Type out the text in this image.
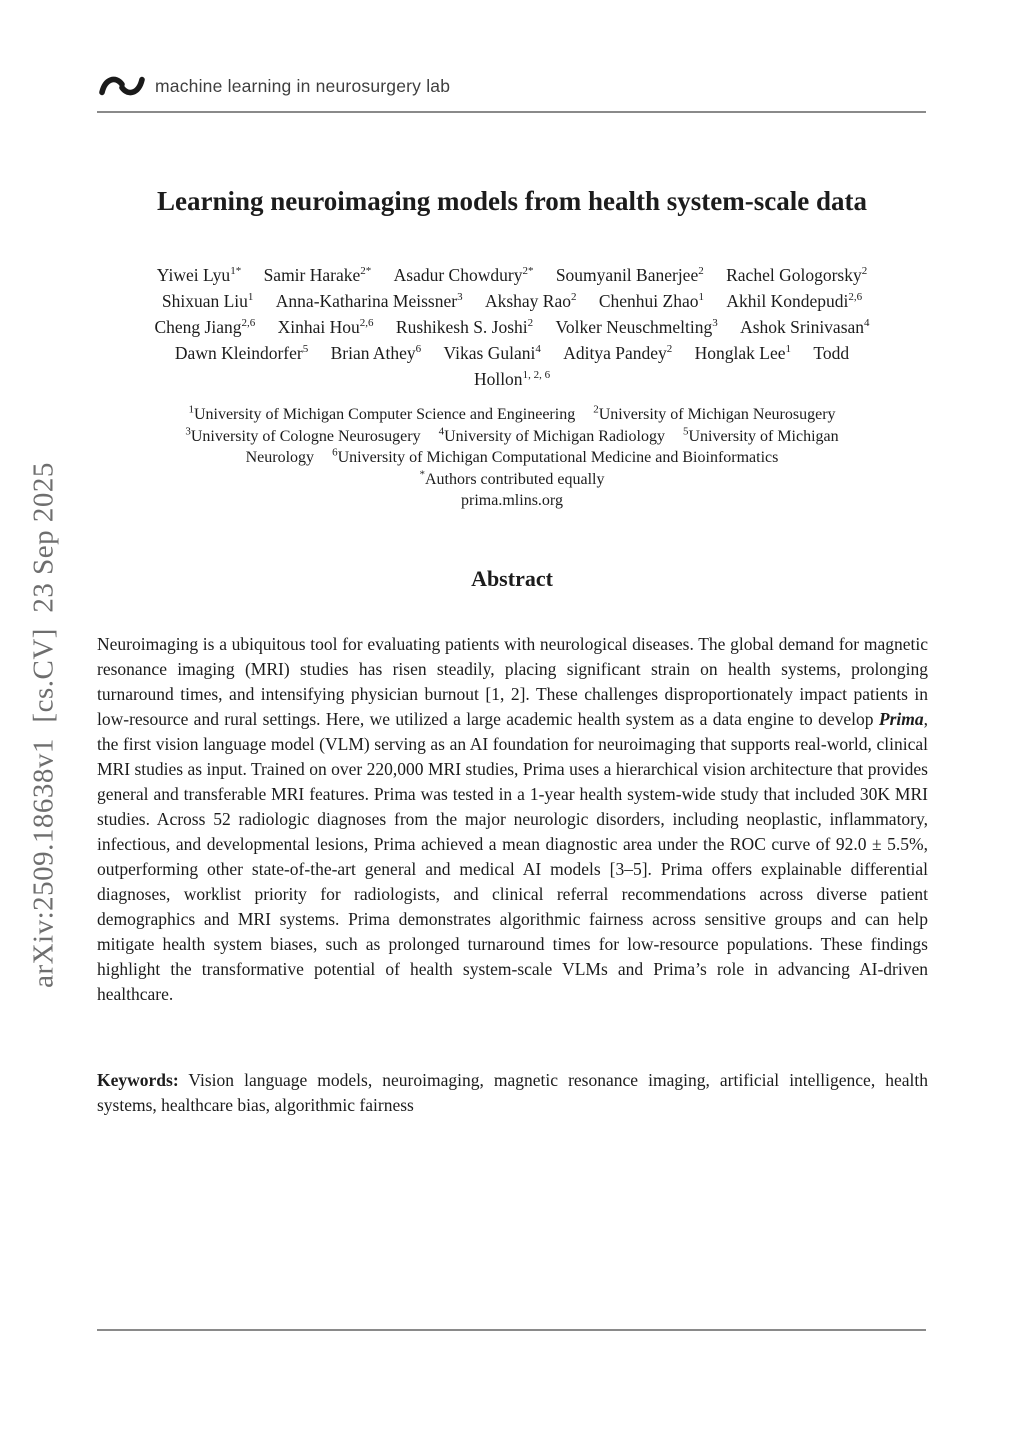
machine learning in neurosurgery lab
arXiv:2509.18638v1  [cs.CV]  23 Sep 2025
Learning neuroimaging models from health system-scale data
Yiwei Lyu$^{1*}$ Samir Harake$^{2*}$ Asadur Chowdury$^{2*}$ Soumyanil Banerjee$^2$ Rachel Gologorsky$^2$
Shixuan Liu$^1$ Anna-Katharina Meissner$^3$ Akshay Rao$^2$ Chenhui Zhao$^1$ Akhil Kondepudi$^{2,6}$
Cheng Jiang$^{2,6}$ Xinhai Hou$^{2,6}$ Rushikesh S. Joshi$^2$ Volker Neuschmelting$^3$ Ashok Srinivasan$^4$
Dawn Kleindorfer$^5$ Brian Athey$^6$ Vikas Gulani$^4$ Aditya Pandey$^2$ Honglak Lee$^1$ Todd
Hollon$^{1, 2, 6}$
$^1$University of Michigan Computer Science and Engineering $^2$University of Michigan Neurosugery
$^3$University of Cologne Neurosugery $^4$University of Michigan Radiology $^5$University of Michigan
Neurology $^6$University of Michigan Computational Medicine and Bioinformatics
*Authors contributed equally
prima.mlins.org
Abstract
Neuroimaging is a ubiquitous tool for evaluating patients with neurological diseases. The global demand for magnetic resonance imaging (MRI) studies has risen steadily, placing significant strain on health systems, prolonging turnaround times, and intensifying physician burnout [1, 2]. These challenges disproportionately impact patients in low-resource and rural settings. Here, we utilized a large academic health system as a data engine to develop Prima, the first vision language model (VLM) serving as an AI foundation for neuroimaging that supports real-world, clinical MRI studies as input. Trained on over 220,000 MRI studies, Prima uses a hierarchical vision architecture that provides general and transferable MRI features. Prima was tested in a 1-year health system-wide study that included 30K MRI studies. Across 52 radiologic diagnoses from the major neurologic disorders, including neoplastic, inflammatory, infectious, and developmental lesions, Prima achieved a mean diagnostic area under the ROC curve of 92.0 ± 5.5%, outperforming other state-of-the-art general and medical AI models [3–5]. Prima offers explainable differential diagnoses, worklist priority for radiologists, and clinical referral recommendations across diverse patient demographics and MRI systems. Prima demonstrates algorithmic fairness across sensitive groups and can help mitigate health system biases, such as prolonged turnaround times for low-resource populations. These findings highlight the transformative potential of health system-scale VLMs and Prima’s role in advancing AI-driven healthcare.
Keywords: Vision language models, neuroimaging, magnetic resonance imaging, artificial intelligence, health systems, healthcare bias, algorithmic fairness
